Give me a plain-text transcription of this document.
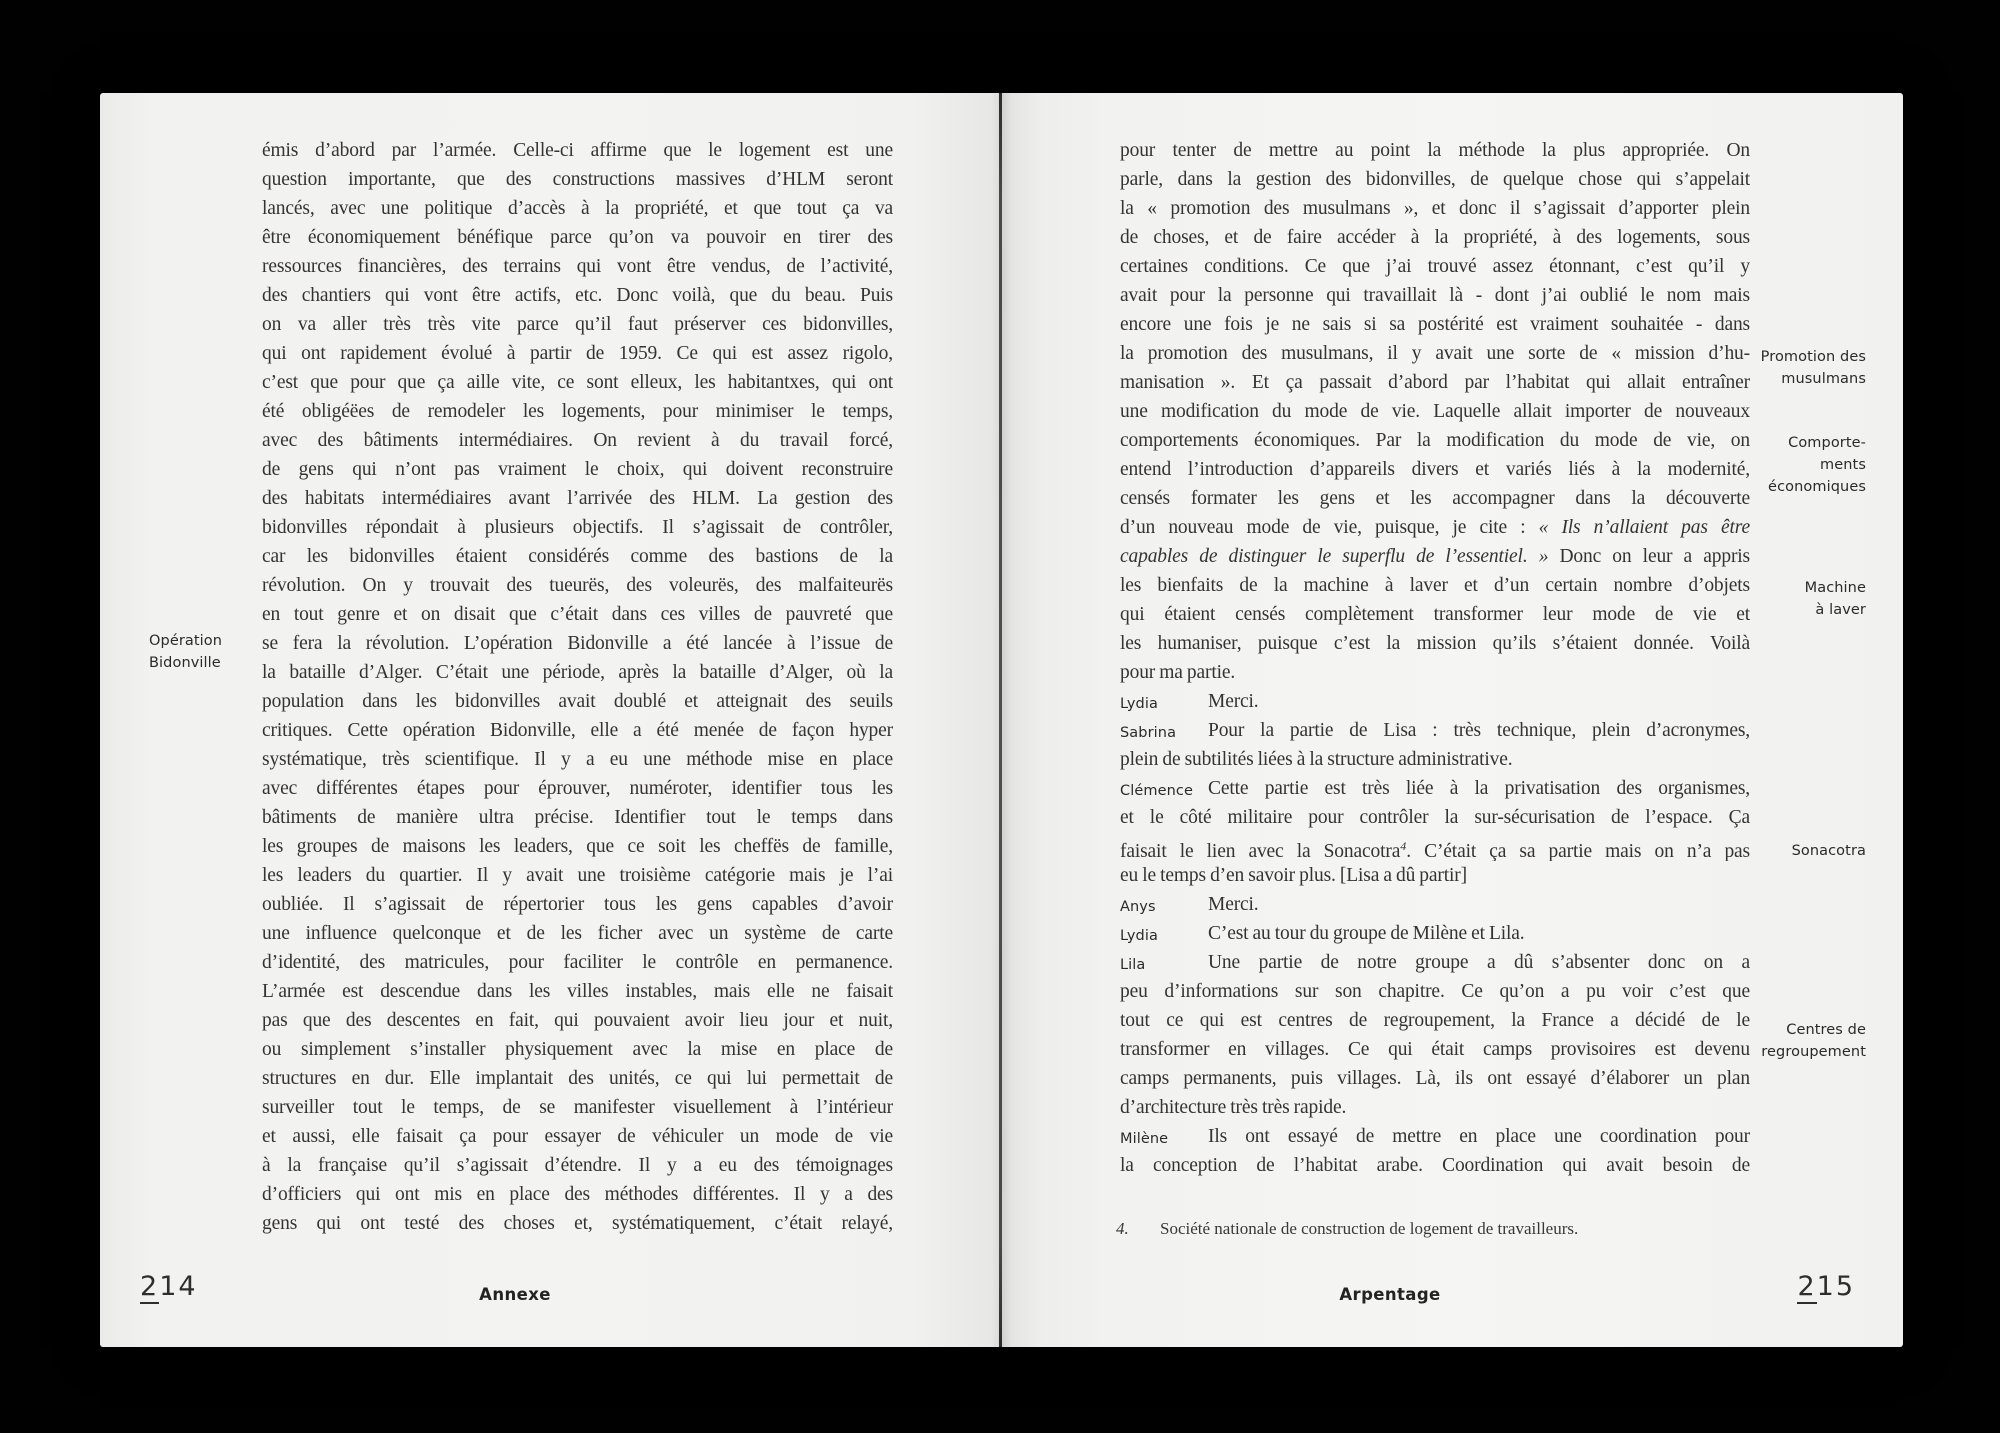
Opération
Bidonville
émis d’abord par l’armée. Celle-ci affirme que le logement est une
question importante, que des constructions massives d’HLM seront
lancés, avec une politique d’accès à la propriété, et que tout ça va
être économiquement bénéfique parce qu’on va pouvoir en tirer des
ressources financières, des terrains qui vont être vendus, de l’activité,
des chantiers qui vont être actifs, etc. Donc voilà, que du beau. Puis
on va aller très très vite parce qu’il faut préserver ces bidonvilles,
qui ont rapidement évolué à partir de 1959. Ce qui est assez rigolo,
c’est que pour que ça aille vite, ce sont elleux, les habitantxes, qui ont
été obligéëes de remodeler les logements, pour minimiser le temps,
avec des bâtiments intermédiaires. On revient à du travail forcé,
de gens qui n’ont pas vraiment le choix, qui doivent reconstruire
des habitats intermédiaires avant l’arrivée des HLM. La gestion des
bidonvilles répondait à plusieurs objectifs. Il s’agissait de contrôler,
car les bidonvilles étaient considérés comme des bastions de la
révolution. On y trouvait des tueurës, des voleurës, des malfaiteurës
en tout genre et on disait que c’était dans ces villes de pauvreté que
se fera la révolution. L’opération Bidonville a été lancée à l’issue de
la bataille d’Alger. C’était une période, après la bataille d’Alger, où la
population dans les bidonvilles avait doublé et atteignait des seuils
critiques. Cette opération Bidonville, elle a été menée de façon hyper
systématique, très scientifique. Il y a eu une méthode mise en place
avec différentes étapes pour éprouver, numéroter, identifier tous les
bâtiments de manière ultra précise. Identifier tout le temps dans
les groupes de maisons les leaders, que ce soit les cheffës de famille,
les leaders du quartier. Il y avait une troisième catégorie mais je l’ai
oubliée. Il s’agissait de répertorier tous les gens capables d’avoir
une influence quelconque et de les ficher avec un système de carte
d’identité, des matricules, pour faciliter le contrôle en permanence.
L’armée est descendue dans les villes instables, mais elle ne faisait
pas que des descentes en fait, qui pouvaient avoir lieu jour et nuit,
ou simplement s’installer physiquement avec la mise en place de
structures en dur. Elle implantait des unités, ce qui lui permettait de
surveiller tout le temps, de se manifester visuellement à l’intérieur
et aussi, elle faisait ça pour essayer de véhiculer un mode de vie
à la française qu’il s’agissait d’étendre. Il y a eu des témoignages
d’officiers qui ont mis en place des méthodes différentes. Il y a des
gens qui ont testé des choses et, systématiquement, c’était relayé,
214	Annexe
Promotion des
musulmans
Comporte-
ments
économiques
Machine
à laver
Sonacotra
Centres de
regroupement
pour tenter de mettre au point la méthode la plus appropriée. On
parle, dans la gestion des bidonvilles, de quelque chose qui s’appelait
la « promotion des musulmans », et donc il s’agissait d’apporter plein
de choses, et de faire accéder à la propriété, à des logements, sous
certaines conditions. Ce que j’ai trouvé assez étonnant, c’est qu’il y
avait pour la personne qui travaillait là - dont j’ai oublié le nom mais
encore une fois je ne sais si sa postérité est vraiment souhaitée - dans
la promotion des musulmans, il y avait une sorte de « mission d’hu-
manisation ». Et ça passait d’abord par l’habitat qui allait entraîner
une modification du mode de vie. Laquelle allait importer de nouveaux
comportements économiques. Par la modification du mode de vie, on
entend l’introduction d’appareils divers et variés liés à la modernité,
censés formater les gens et les accompagner dans la découverte
d’un nouveau mode de vie, puisque, je cite : « Ils n’allaient pas être
capables de distinguer le superflu de l’essentiel. » Donc on leur a appris
les bienfaits de la machine à laver et d’un certain nombre d’objets
qui étaient censés complètement transformer leur mode de vie et
les humaniser, puisque c’est la mission qu’ils s’étaient donnée. Voilà
pour ma partie.
Lydia	Merci.
Sabrina Pour la partie de Lisa : très technique, plein d’acronymes,
plein de subtilités liées à la structure administrative.
Clémence Cette partie est très liée à la privatisation des organismes,
et le côté militaire pour contrôler la sur-sécurisation de l’espace. Ça
faisait le lien avec la Sonacotra$^4$. C’était ça sa partie mais on n’a pas
eu le temps d’en savoir plus. [Lisa a dû partir]
Anys	Merci.
Lydia	C’est au tour du groupe de Milène et Lila.
Lila	Une partie de notre groupe a dû s’absenter donc on a
peu d’informations sur son chapitre. Ce qu’on a pu voir c’est que
tout ce qui est centres de regroupement, la France a décidé de le
transformer en villages. Ce qui était camps provisoires est devenu
camps permanents, puis villages. Là, ils ont essayé d’élaborer un plan
d’architecture très très rapide.
Milène Ils ont essayé de mettre en place une coordination pour
la conception de l’habitat arabe. Coordination qui avait besoin de
4. Société nationale de construction de logement de travailleurs.
215
Arpentage
